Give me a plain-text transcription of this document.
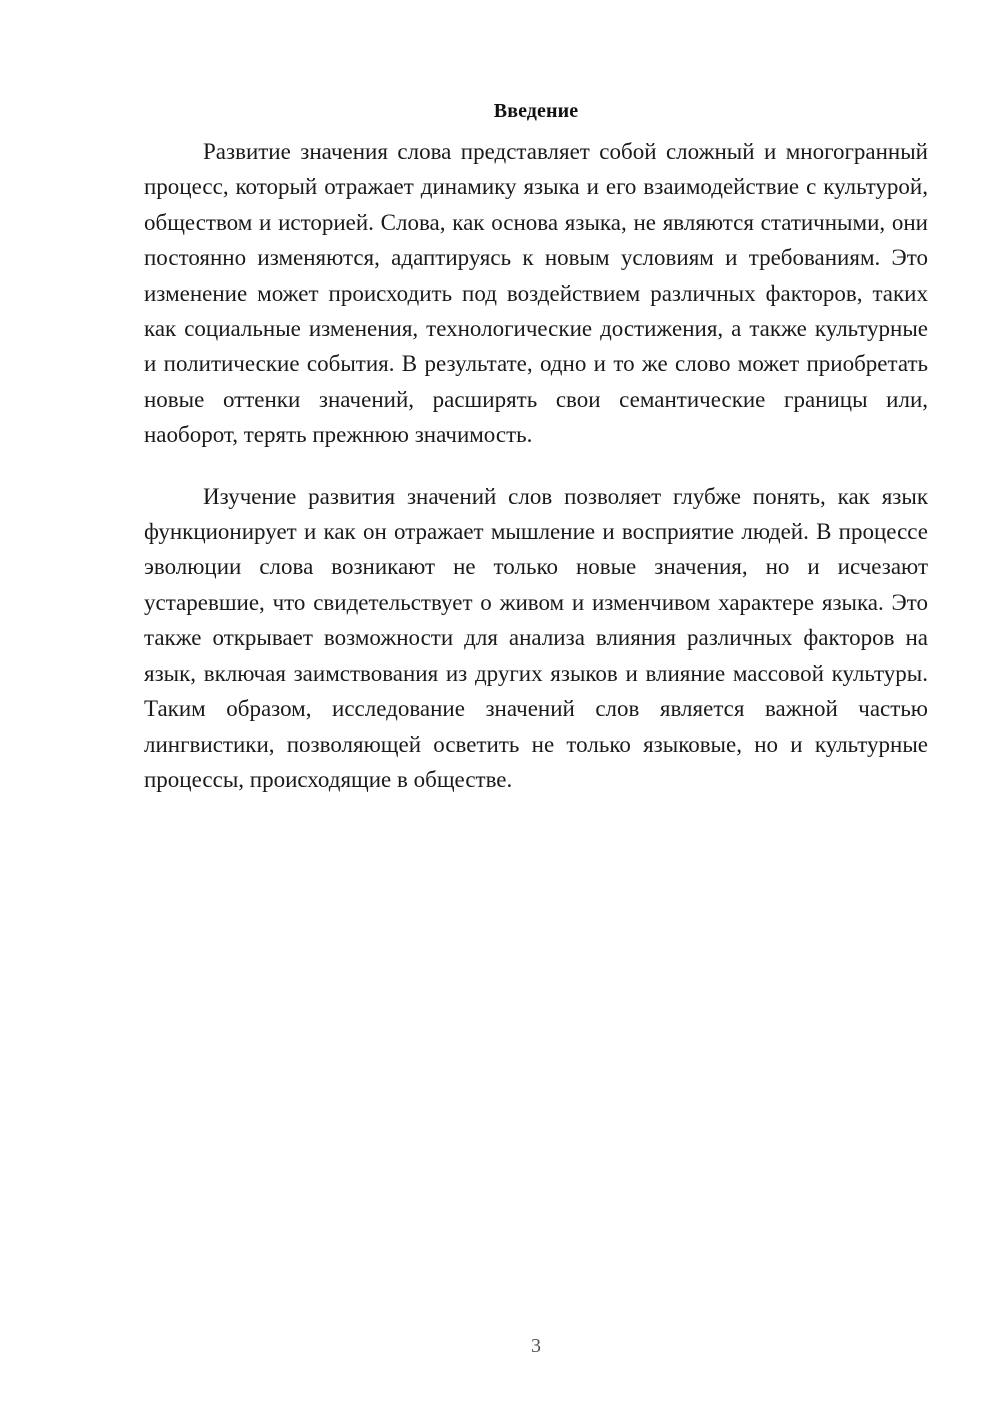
Введение

Развитие значения слова представляет собой сложный и многогранный процесс, который отражает динамику языка и его взаимодействие с культурой, обществом и историей. Слова, как основа языка, не являются статичными, они постоянно изменяются, адаптируясь к новым условиям и требованиям. Это изменение может происходить под воздействием различных факторов, таких как социальные изменения, технологические достижения, а также культурные и политические события. В результате, одно и то же слово может приобретать новые оттенки значений, расширять свои семантические границы или, наоборот, терять прежнюю значимость.

Изучение развития значений слов позволяет глубже понять, как язык функционирует и как он отражает мышление и восприятие людей. В процессе эволюции слова возникают не только новые значения, но и исчезают устаревшие, что свидетельствует о живом и изменчивом характере языка. Это также открывает возможности для анализа влияния различных факторов на язык, включая заимствования из других языков и влияние массовой культуры. Таким образом, исследование значений слов является важной частью лингвистики, позволяющей осветить не только языковые, но и культурные процессы, происходящие в обществе.

3
